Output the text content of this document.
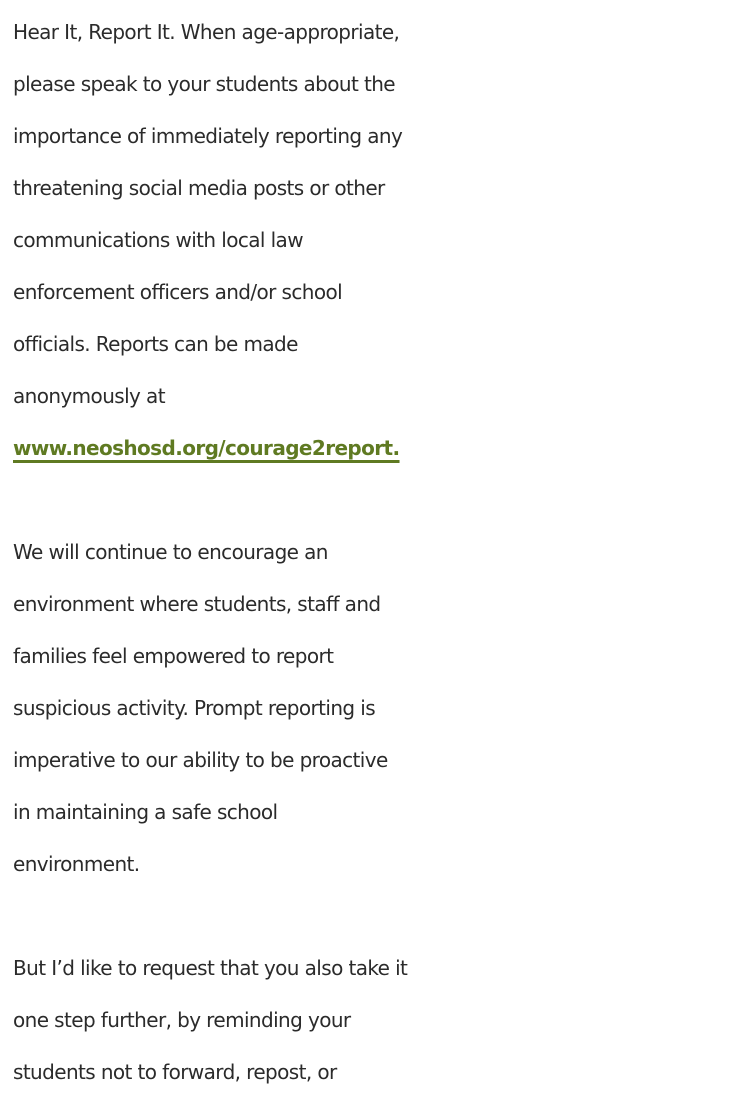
Hear It, Report It. When age-appropriate,
please speak to your students about the
importance of immediately reporting any
threatening social media posts or other
communications with local law
enforcement officers and/or school
officials. Reports can be made
anonymously at
www.neoshosd.org/courage2report.
We will continue to encourage an
environment where students, staff and
families feel empowered to report
suspicious activity. Prompt reporting is
imperative to our ability to be proactive
in maintaining a safe school
environment.
But I’d like to request that you also take it
one step further, by reminding your
students not to forward, repost, or
